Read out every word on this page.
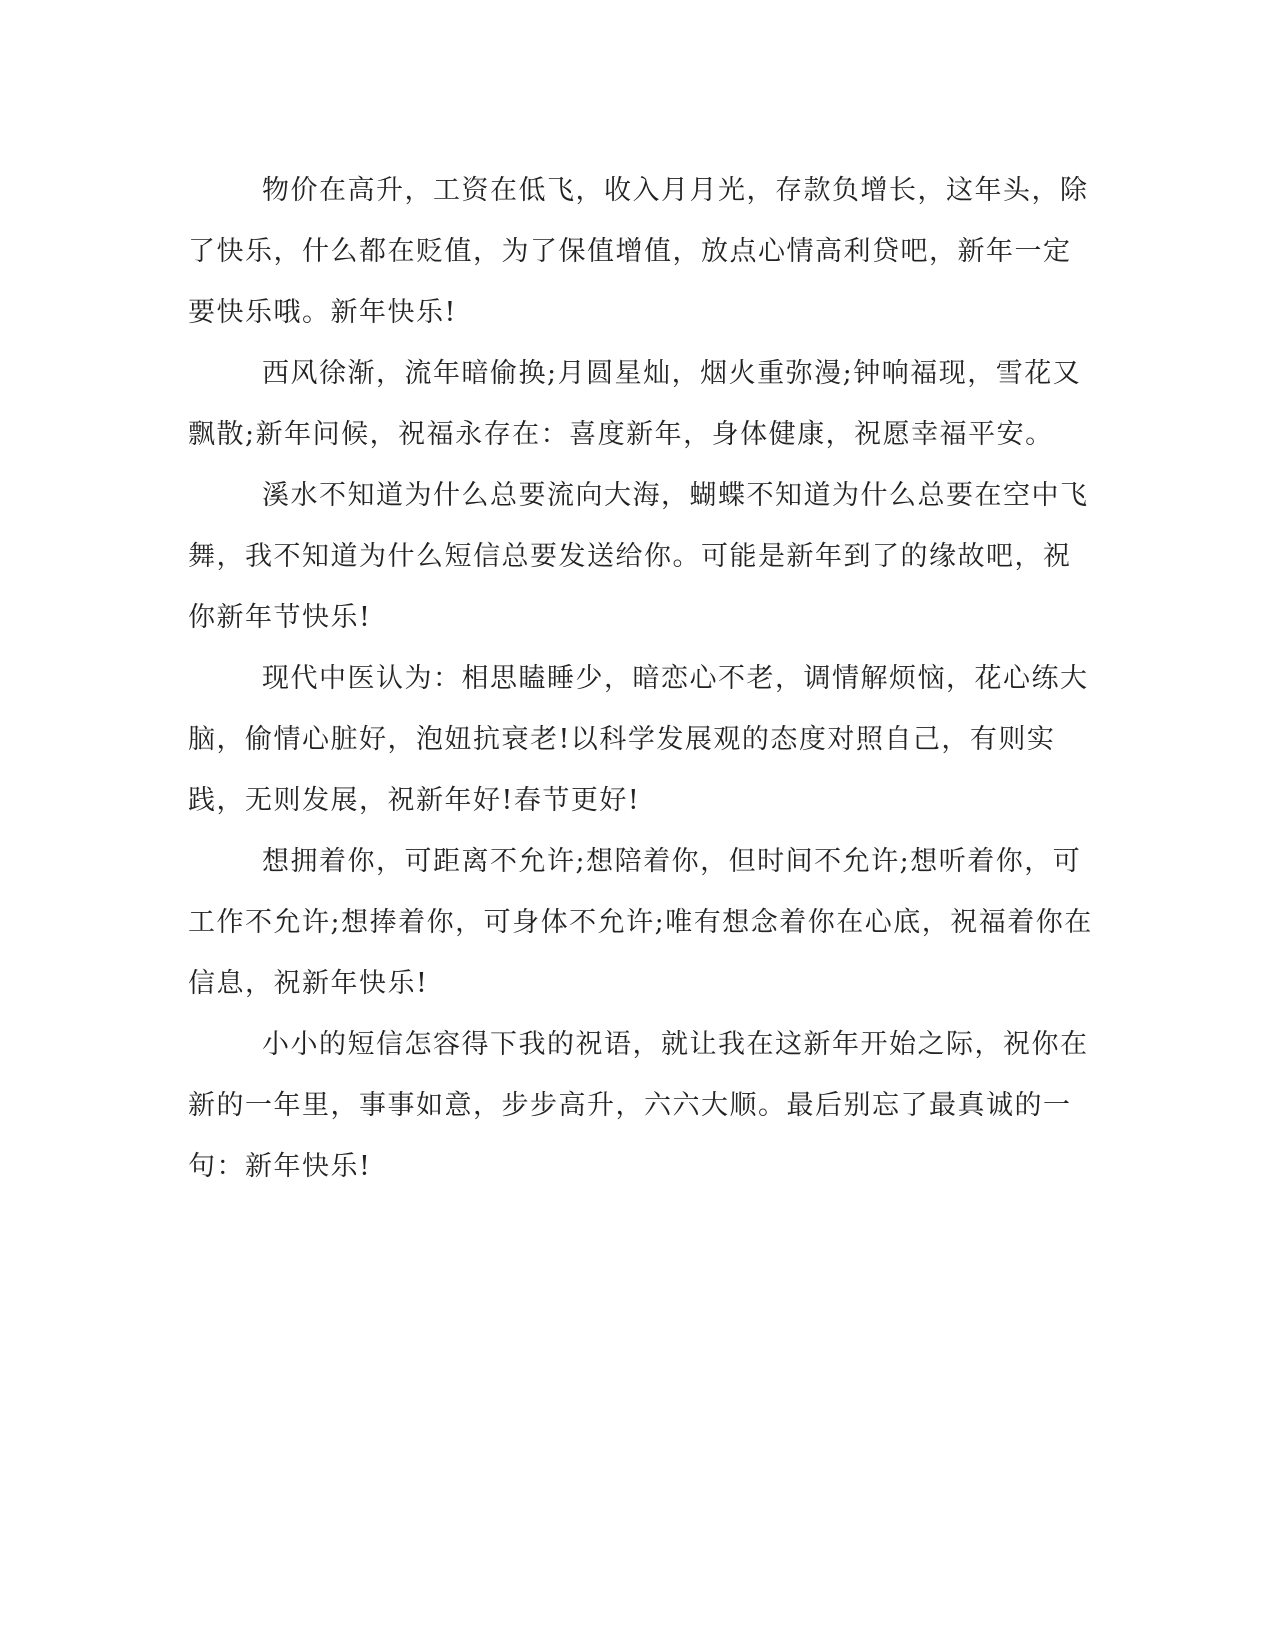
物价在高升，工资在低飞，收入月月光，存款负增长，这年头，除了快乐，什么都在贬值，为了保值增值，放点心情高利贷吧，新年一定要快乐哦。新年快乐!

西风徐渐，流年暗偷换;月圆星灿，烟火重弥漫;钟响福现，雪花又飘散;新年问候，祝福永存在：喜度新年，身体健康，祝愿幸福平安。

溪水不知道为什么总要流向大海，蝴蝶不知道为什么总要在空中飞舞，我不知道为什么短信总要发送给你。可能是新年到了的缘故吧，祝你新年节快乐!

现代中医认为：相思瞌睡少，暗恋心不老，调情解烦恼，花心练大脑，偷情心脏好，泡妞抗衰老!以科学发展观的态度对照自己，有则实践，无则发展，祝新年好!春节更好!

想拥着你，可距离不允许;想陪着你，但时间不允许;想听着你，可工作不允许;想捧着你，可身体不允许;唯有想念着你在心底，祝福着你在信息，祝新年快乐!

小小的短信怎容得下我的祝语，就让我在这新年开始之际，祝你在新的一年里，事事如意，步步高升，六六大顺。最后别忘了最真诚的一句：新年快乐!
